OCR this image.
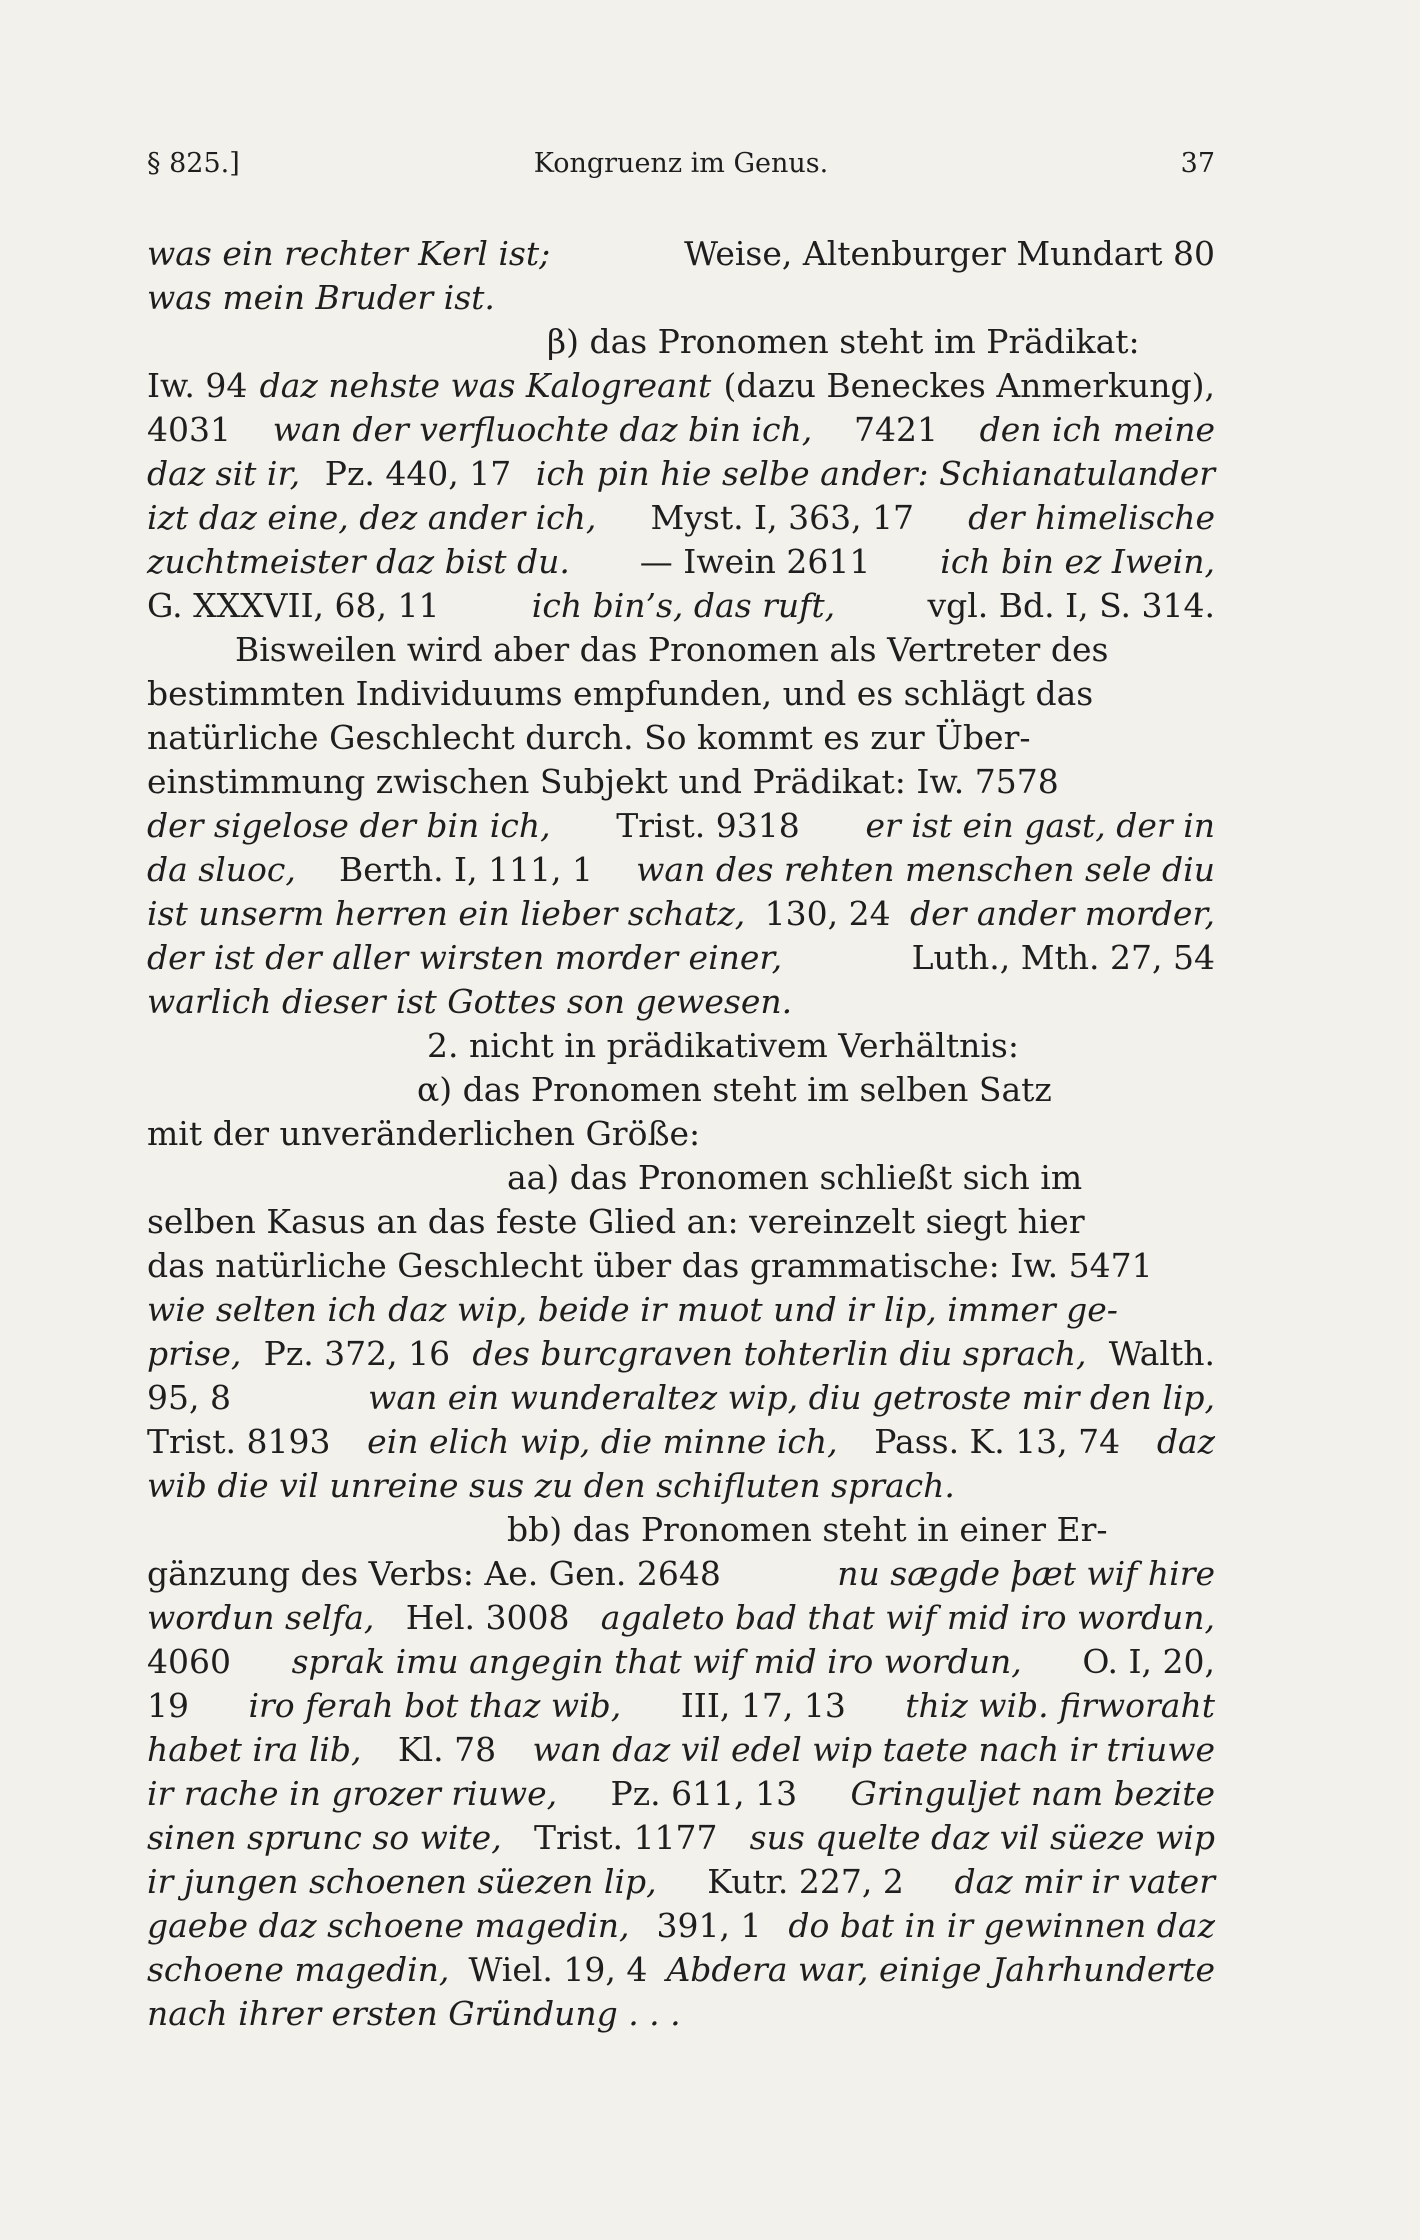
§ 825.]	Kongruenz im Genus.	37
was ein rechter Kerl ist;	Weise, Altenburger Mundart 80
was mein Bruder ist.
β) das Pronomen steht im Prädikat:
Iw. 94 daz nehste was Kalogreant (dazu Beneckes Anmerkung),
4031 wan der verfluochte daz bin ich, 7421 den ich meine
daz sit ir, Pz. 440, 17 ich pin hie selbe ander: Schianatulander
izt daz eine, dez ander ich, Myst. I, 363, 17 der himelische
zuchtmeister daz bist du. — Iwein 2611 ich bin ez Iwein,
G. XXXVII, 68, 11	ich bin’s, das ruft,	vgl. Bd. I, S. 314.
Bisweilen wird aber das Pronomen als Vertreter des
bestimmten Individuums empfunden, und es schlägt das
natürliche Geschlecht durch. So kommt es zur Über-
einstimmung zwischen Subjekt und Prädikat: Iw. 7578
der sigelose der bin ich, Trist. 9318 er ist ein gast, der in
da sluoc, Berth. I, 111, 1 wan des rehten menschen sele diu
ist unserm herren ein lieber schatz, 130, 24 der ander morder,
der ist der aller wirsten morder einer,	Luth., Mth. 27, 54
warlich dieser ist Gottes son gewesen.
2. nicht in prädikativem Verhältnis:
α) das Pronomen steht im selben Satz
mit der unveränderlichen Größe:
aa) das Pronomen schließt sich im
selben Kasus an das feste Glied an: vereinzelt siegt hier
das natürliche Geschlecht über das grammatische: Iw. 5471
wie selten ich daz wip, beide ir muot und ir lip, immer ge-
prise, Pz. 372, 16 des burcgraven tohterlin diu sprach, Walth.
95, 8	wan ein wunderaltez wip, diu getroste mir den lip,
Trist. 8193 ein elich wip, die minne ich, Pass. K. 13, 74 daz
wib die vil unreine sus zu den schifluten sprach.
bb) das Pronomen steht in einer Er-
gänzung des Verbs: Ae. Gen. 2648	nu sægde þæt wif hire
wordun selfa, Hel. 3008 agaleto bad that wif mid iro wordun,
4060 sprak imu angegin that wif mid iro wordun, O. I, 20,
19 iro ferah bot thaz wib, III, 17, 13 thiz wib. firworaht
habet ira lib, Kl. 78 wan daz vil edel wip taete nach ir triuwe
ir rache in grozer riuwe, Pz. 611, 13 Gringuljet nam bezite
sinen sprunc so wite, Trist. 1177 sus quelte daz vil süeze wip
ir jungen schoenen süezen lip, Kutr. 227, 2 daz mir ir vater
gaebe daz schoene magedin, 391, 1 do bat in ir gewinnen daz
schoene magedin, Wiel. 19, 4 Abdera war, einige Jahrhunderte
nach ihrer ersten Gründung . . .
